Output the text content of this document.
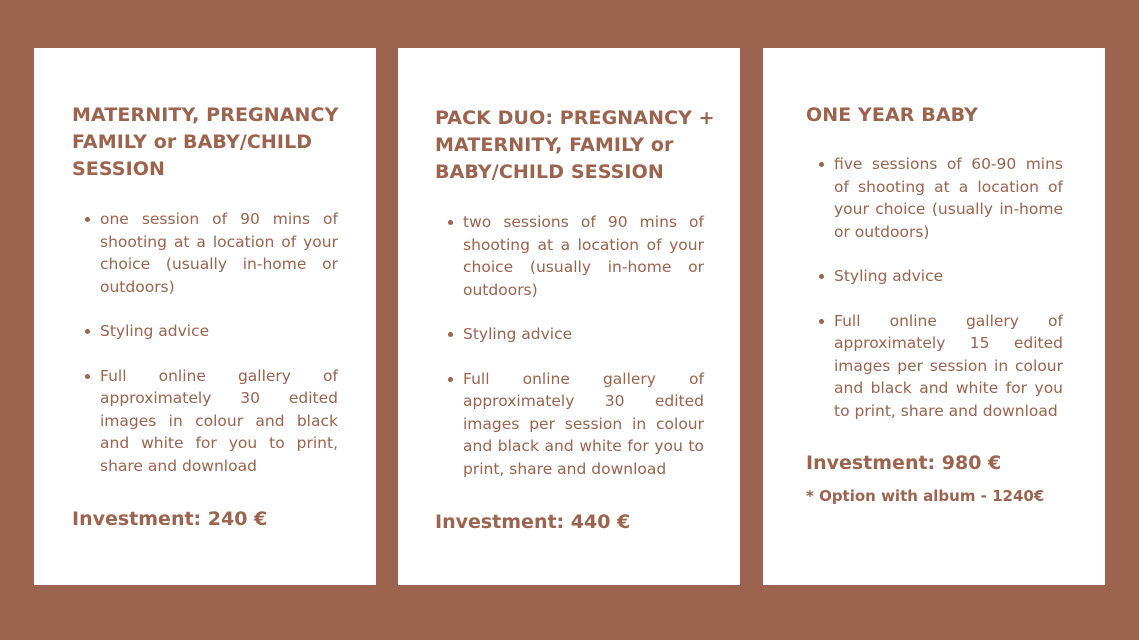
MATERNITY, PREGNANCY FAMILY or BABY/CHILD SESSION
one session of 90 mins of shooting at a location of your choice (usually in-home or outdoors)
Styling advice
Full online gallery of approximately 30 edited images in colour and black and white for you to print, share and download
Investment: 240 €
PACK DUO: PREGNANCY + MATERNITY, FAMILY or BABY/CHILD SESSION
two sessions of 90 mins of shooting at a location of your choice (usually in-home or outdoors)
Styling advice
Full online gallery of approximately 30 edited images per session in colour and black and white for you to print, share and download
Investment: 440 €
ONE YEAR BABY
five sessions of 60-90 mins of shooting at a location of your choice (usually in-home or outdoors)
Styling advice
Full online gallery of approximately 15 edited images per session in colour and black and white for you to print, share and download
Investment: 980 €
* Option with album - 1240€
